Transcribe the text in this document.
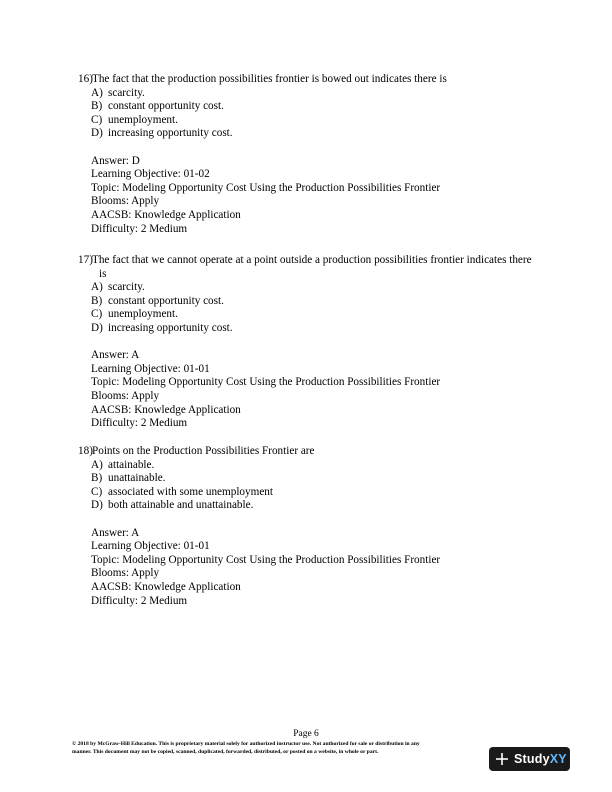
16) The fact that the production possibilities frontier is bowed out indicates there is
A) scarcity.
B) constant opportunity cost.
C) unemployment.
D) increasing opportunity cost.
Answer: D
Learning Objective: 01-02
Topic: Modeling Opportunity Cost Using the Production Possibilities Frontier
Blooms: Apply
AACSB: Knowledge Application
Difficulty: 2 Medium
17) The fact that we cannot operate at a point outside a production possibilities frontier indicates there is
A) scarcity.
B) constant opportunity cost.
C) unemployment.
D) increasing opportunity cost.
Answer: A
Learning Objective: 01-01
Topic: Modeling Opportunity Cost Using the Production Possibilities Frontier
Blooms: Apply
AACSB: Knowledge Application
Difficulty: 2 Medium
18) Points on the Production Possibilities Frontier are
A) attainable.
B) unattainable.
C) associated with some unemployment
D) both attainable and unattainable.
Answer: A
Learning Objective: 01-01
Topic: Modeling Opportunity Cost Using the Production Possibilities Frontier
Blooms: Apply
AACSB: Knowledge Application
Difficulty: 2 Medium
Page 6
© 2018 by McGraw-Hill Education. This is proprietary material solely for authorized instructor use. Not authorized for sale or distribution in any
manner. This document may not be copied, scanned, duplicated, forwarded, distributed, or posted on a website, in whole or part.	Study XY
